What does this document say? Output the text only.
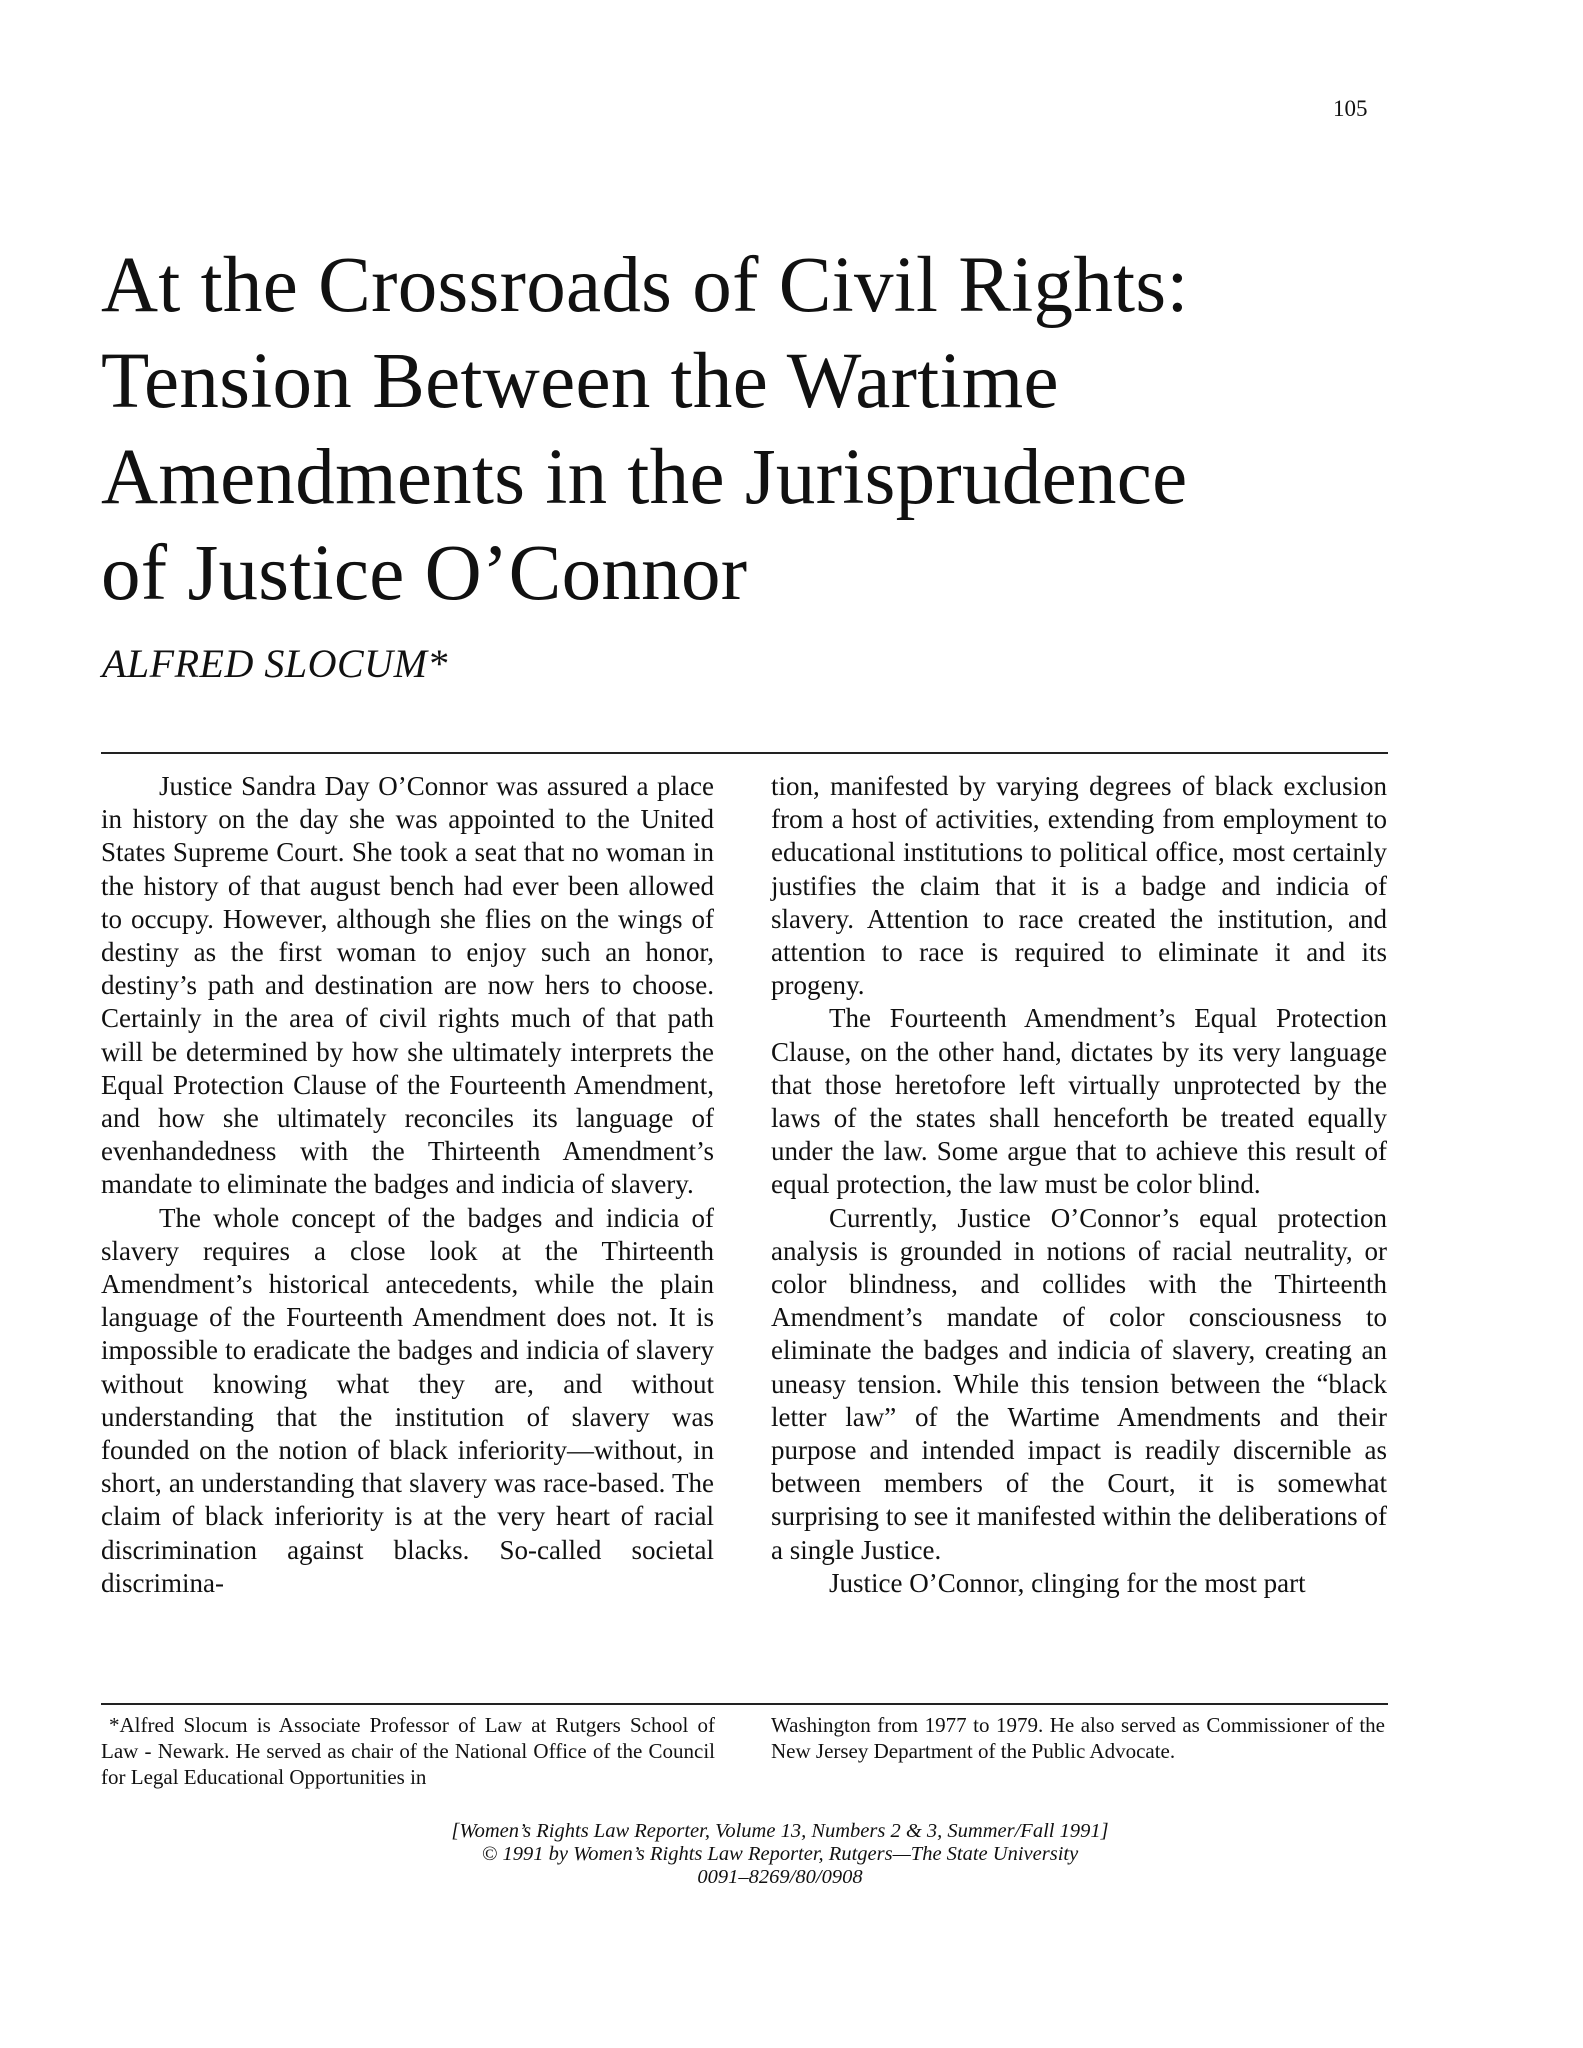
105
At the Crossroads of Civil Rights:
Tension Between the Wartime
Amendments in the Jurisprudence
of Justice O’Connor
ALFRED SLOCUM*

Justice Sandra Day O’Connor was assured a place in history on the day she was appointed to the United States Supreme Court. She took a seat that no woman in the history of that august bench had ever been allowed to occupy. However, although she flies on the wings of destiny as the first woman to enjoy such an honor, destiny’s path and destination are now hers to choose. Certainly in the area of civil rights much of that path will be determined by how she ultimately interprets the Equal Protection Clause of the Fourteenth Amendment, and how she ultimately reconciles its language of evenhandedness with the Thirteenth Amendment’s mandate to eliminate the badges and indicia of slavery.

The whole concept of the badges and indicia of slavery requires a close look at the Thirteenth Amendment’s historical antecedents, while the plain language of the Fourteenth Amendment does not. It is impossible to eradicate the badges and indicia of slavery without knowing what they are, and without understanding that the institution of slavery was founded on the notion of black inferiority—without, in short, an understanding that slavery was race-based. The claim of black inferiority is at the very heart of racial discrimination against blacks. So-called societal discrimina-

tion, manifested by varying degrees of black exclusion from a host of activities, extending from employment to educational institutions to political office, most certainly justifies the claim that it is a badge and indicia of slavery. Attention to race created the institution, and attention to race is required to eliminate it and its progeny.

The Fourteenth Amendment’s Equal Protection Clause, on the other hand, dictates by its very language that those heretofore left virtually unprotected by the laws of the states shall henceforth be treated equally under the law. Some argue that to achieve this result of equal protection, the law must be color blind.

Currently, Justice O’Connor’s equal protection analysis is grounded in notions of racial neutrality, or color blindness, and collides with the Thirteenth Amendment’s mandate of color consciousness to eliminate the badges and indicia of slavery, creating an uneasy tension. While this tension between the “black letter law” of the Wartime Amendments and their purpose and intended impact is readily discernible as between members of the Court, it is somewhat surprising to see it manifested within the deliberations of a single Justice.

Justice O’Connor, clinging for the most part

*Alfred Slocum is Associate Professor of Law at Rutgers School of Law - Newark. He served as chair of the National Office of the Council for Legal Educational Opportunities in

Washington from 1977 to 1979. He also served as Commissioner of the New Jersey Department of the Public Advocate.

[Women’s Rights Law Reporter, Volume 13, Numbers 2 & 3, Summer/Fall 1991]
© 1991 by Women’s Rights Law Reporter, Rutgers—The State University
0091–8269/80/0908
